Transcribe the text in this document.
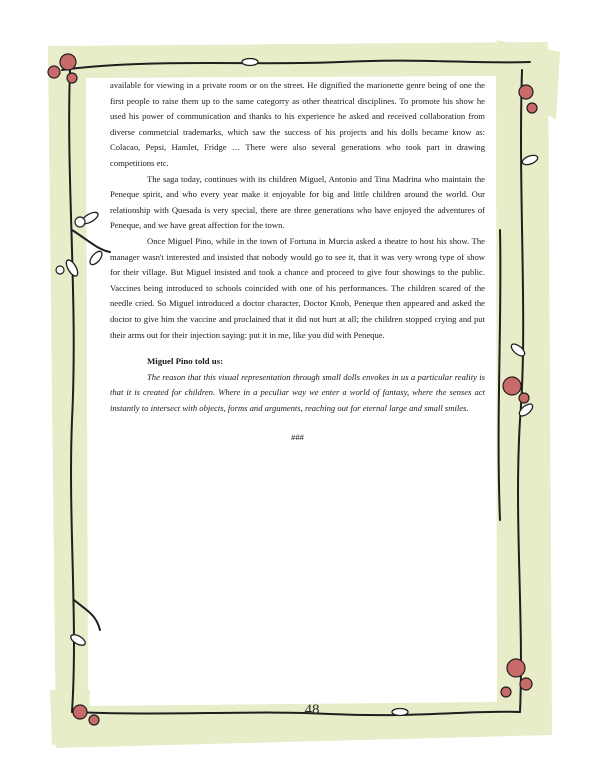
available for viewing in a private room or on the street. He dignified the marionette genre being of one the first people to raise them up to the same categorry as other theatrical disciplines. To promote his show he used his power of communication and thanks to his experience he asked and received collaboration from diverse commetcial trademarks, which saw the success of his projects and his dolls became know as: Colacao, Pepsi, Hamlet, Fridge … There were also several generations who took part in drawing competitions etc.

The saga today, continues with its children Miguel, Antonio and Tina Madrina who maintain the Peneque spirit, and who every year make it enjoyable for big and little children around the world. Our relationship with Quesada is very special, there are three generations who have enjoyed the adventures of Peneque, and we have great affection for the town.

Once Miguel Pino, while in the town of Fortuna in Murcia asked a theatre to host his show. The manager wasn't interested and insisted that nobody would go to see it, that it was very wrong type of show for their village. But Miguel insisted and took a chance and proceed to give four showings to the public. Vaccines being introduced to schools coincided with one of his performances. The children scared of the needle cried. So Miguel introduced a doctor character, Doctor Knob, Peneque then appeared and asked the doctor to give him the vaccine and proclained that it did not hurt at all; the children stopped crying and put their arms out for their injection saying: put it in me, like you did with Peneque.

Miguel Pino told us:

The reason that this visual representation through small dolls envokes in us a particular reality is that it is created for children. Where in a peculiar way we enter a world of fantasy, where the senses act instantly to intersect with objects, forms and arguments, reaching out for eternal large and small smiles.

###

48
